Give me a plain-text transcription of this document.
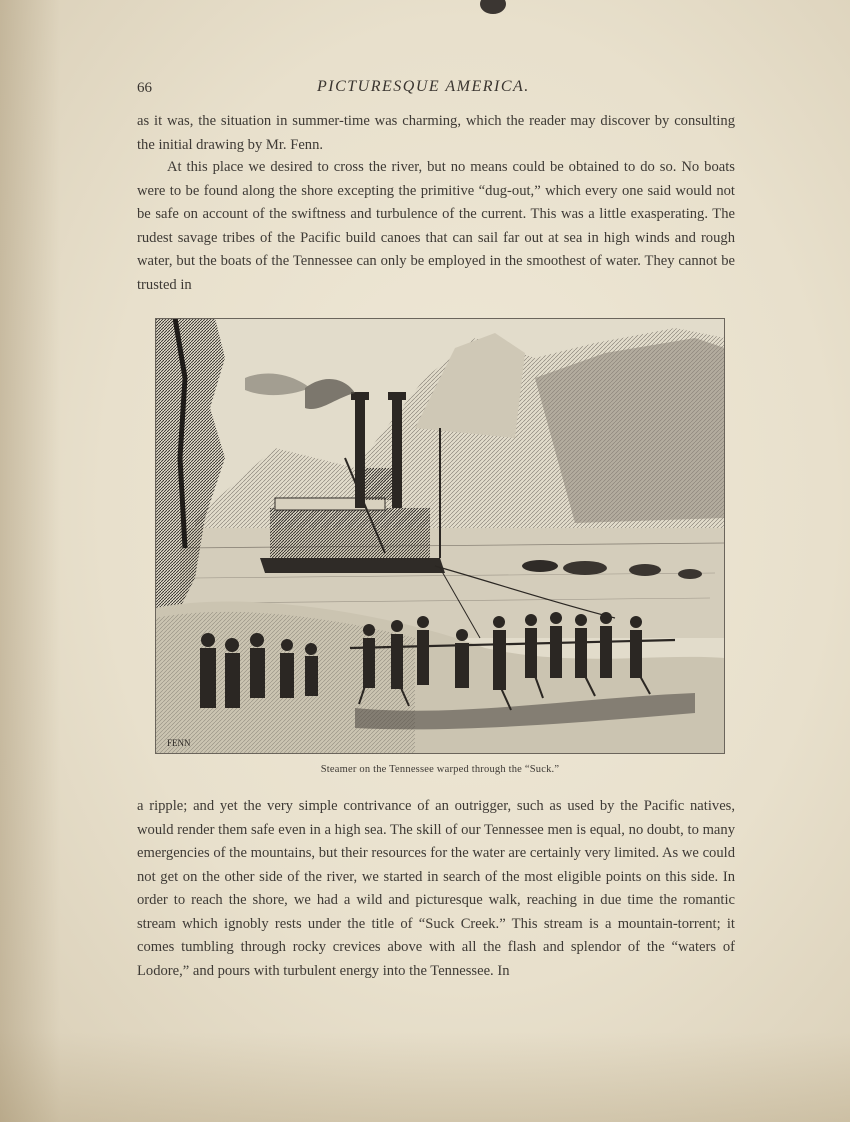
66	PICTURESQUE AMERICA.

as it was, the situation in summer-time was charming, which the reader may discover by consulting the initial drawing by Mr. Fenn.

At this place we desired to cross the river, but no means could be obtained to do so. No boats were to be found along the shore excepting the primitive “dug-out,” which every one said would not be safe on account of the swiftness and turbulence of the current. This was a little exasperating. The rudest savage tribes of the Pacific build canoes that can sail far out at sea in high winds and rough water, but the boats of the Tennessee can only be employed in the smoothest of water. They cannot be trusted in

FENN
Steamer on the Tennessee warped through the “Suck.”

a ripple; and yet the very simple contrivance of an outrigger, such as used by the Pacific natives, would render them safe even in a high sea. The skill of our Tennessee men is equal, no doubt, to many emergencies of the mountains, but their resources for the water are certainly very limited. As we could not get on the other side of the river, we started in search of the most eligible points on this side. In order to reach the shore, we had a wild and picturesque walk, reaching in due time the romantic stream which ignobly rests under the title of “Suck Creek.” This stream is a mountain-torrent; it comes tumbling through rocky crevices above with all the flash and splendor of the “waters of Lodore,” and pours with turbulent energy into the Tennessee. In
